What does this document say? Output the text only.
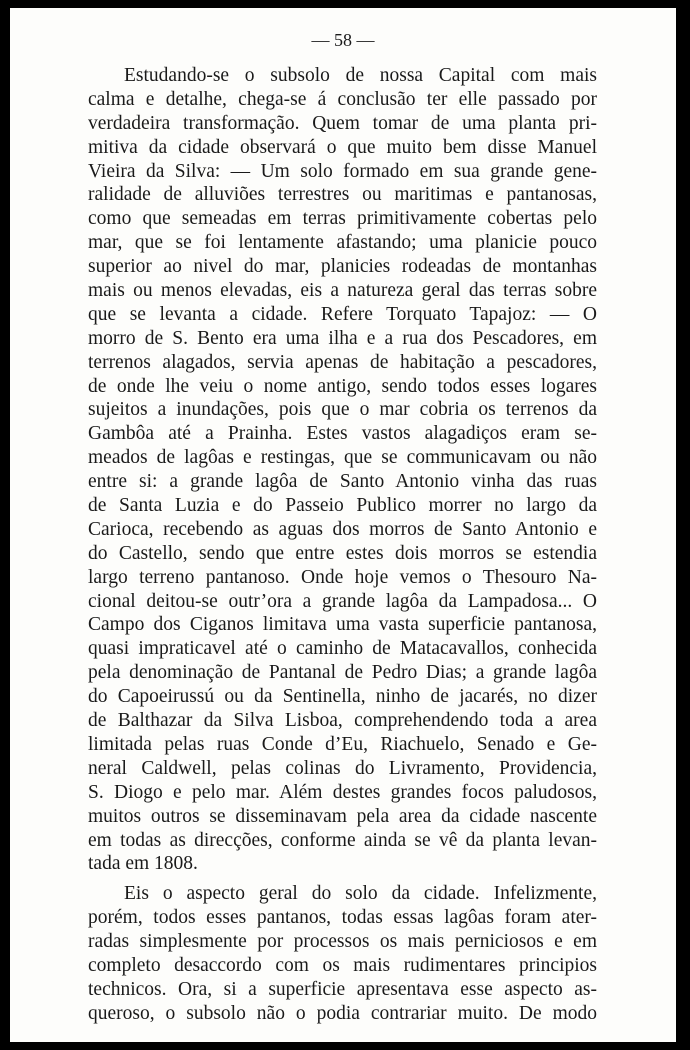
— 58 —

Estudando-se o subsolo de nossa Capital com mais
calma e detalhe, chega-se á conclusão ter elle passado por
verdadeira transformação. Quem tomar de uma planta pri-
mitiva da cidade observará o que muito bem disse Manuel
Vieira da Silva: — Um solo formado em sua grande gene-
ralidade de alluviões terrestres ou maritimas e pantanosas,
como que semeadas em terras primitivamente cobertas pelo
mar, que se foi lentamente afastando; uma planicie pouco
superior ao nivel do mar, planicies rodeadas de montanhas
mais ou menos elevadas, eis a natureza geral das terras sobre
que se levanta a cidade. Refere Torquato Tapajoz: — O
morro de S. Bento era uma ilha e a rua dos Pescadores, em
terrenos alagados, servia apenas de habitação a pescadores,
de onde lhe veiu o nome antigo, sendo todos esses logares
sujeitos a inundações, pois que o mar cobria os terrenos da
Gambôa até a Prainha. Estes vastos alagadiços eram se-
meados de lagôas e restingas, que se communicavam ou não
entre si: a grande lagôa de Santo Antonio vinha das ruas
de Santa Luzia e do Passeio Publico morrer no largo da
Carioca, recebendo as aguas dos morros de Santo Antonio e
do Castello, sendo que entre estes dois morros se estendia
largo terreno pantanoso. Onde hoje vemos o Thesouro Na-
cional deitou-se outr’ora a grande lagôa da Lampadosa... O
Campo dos Ciganos limitava uma vasta superficie pantanosa,
quasi impraticavel até o caminho de Matacavallos, conhecida
pela denominação de Pantanal de Pedro Dias; a grande lagôa
do Capoeirussú ou da Sentinella, ninho de jacarés, no dizer
de Balthazar da Silva Lisboa, comprehendendo toda a area
limitada pelas ruas Conde d’Eu, Riachuelo, Senado e Ge-
neral Caldwell, pelas colinas do Livramento, Providencia,
S. Diogo e pelo mar. Além destes grandes focos paludosos,
muitos outros se disseminavam pela area da cidade nascente
em todas as direcções, conforme ainda se vê da planta levan-
tada em 1808.

Eis o aspecto geral do solo da cidade. Infelizmente,
porém, todos esses pantanos, todas essas lagôas foram ater-
radas simplesmente por processos os mais perniciosos e em
completo desaccordo com os mais rudimentares principios
technicos. Ora, si a superficie apresentava esse aspecto as-
queroso, o subsolo não o podia contrariar muito. De modo
